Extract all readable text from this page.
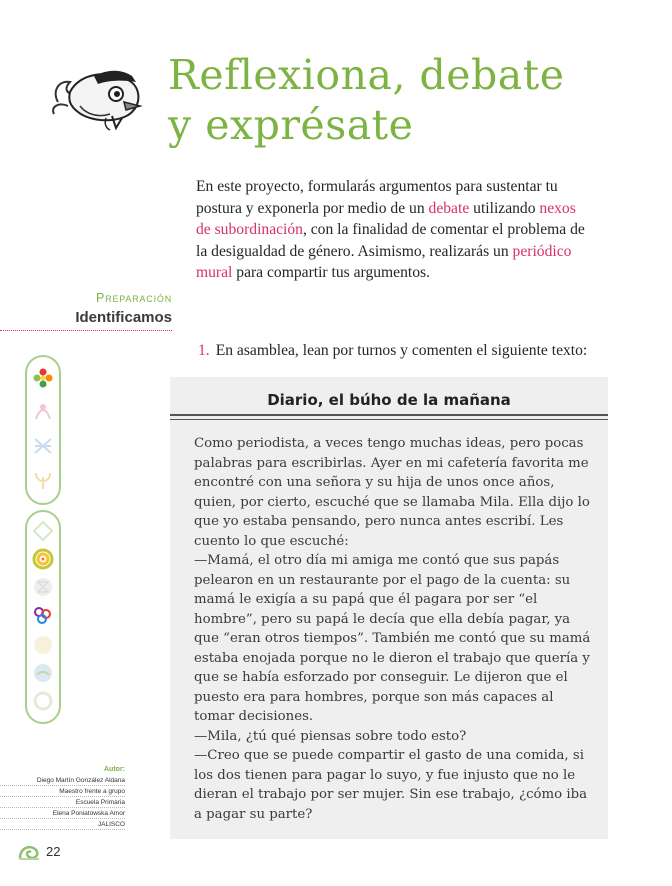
Reflexiona, debate
y exprésate

En este proyecto, formularás argumentos para sustentar tu postura y exponerla por medio de un debate utilizando nexos de subordinación, con la finalidad de comentar el problema de la desigualdad de género. Asimismo, realizarás un periódico mural para compartir tus argumentos.

Preparación
Identificamos

1. En asamblea, lean por turnos y comenten el siguiente texto:

Diario, el búho de la mañana

Como periodista, a veces tengo muchas ideas, pero pocas palabras para escribirlas. Ayer en mi cafetería favorita me encontré con una señora y su hija de unos once años, quien, por cierto, escuché que se llamaba Mila. Ella dijo lo que yo estaba pensando, pero nunca antes escribí. Les cuento lo que escuché:

—Mamá, el otro día mi amiga me contó que sus papás pelearon en un restaurante por el pago de la cuenta: su mamá le exigía a su papá que él pagara por ser “el hombre”, pero su papá le decía que ella debía pagar, ya que “eran otros tiempos”. También me contó que su mamá estaba enojada porque no le dieron el trabajo que quería y que se había esforzado por conseguir. Le dijeron que el puesto era para hombres, porque son más capaces al tomar decisiones.

—Mila, ¿tú qué piensas sobre todo esto?

—Creo que se puede compartir el gasto de una comida, si los dos tienen para pagar lo suyo, y fue injusto que no le dieran el trabajo por ser mujer. Sin ese trabajo, ¿cómo iba a pagar su parte?

Autor:
Diego Martín González Aldana
Maestro frente a grupo
Escuela Primaria
Elena Poniatowska Amor
JALISCO
22
